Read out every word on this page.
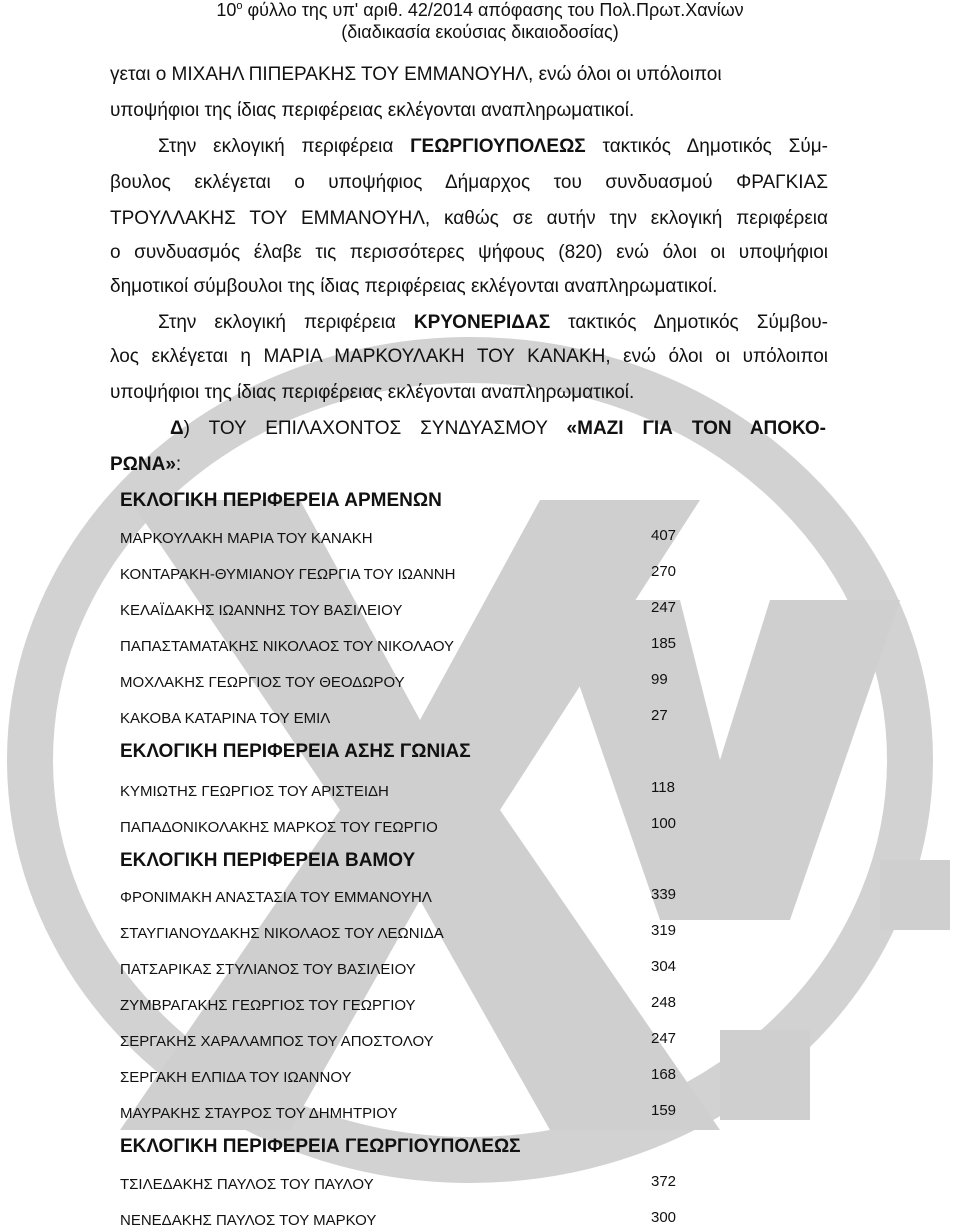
$10^o$ φύλλο της υπ' αριθ. 42/2014 απόφασης του Πολ.Πρωτ.Χανίων
(διαδικασία εκούσιας δικαιοδοσίας)
γεται ο ΜΙΧΑΗΛ ΠΙΠΕΡΑΚΗΣ ΤΟΥ ΕΜΜΑΝΟΥΗΛ, ενώ όλοι οι υπόλοιποι
υποψήφιοι της ίδιας περιφέρειας εκλέγονται αναπληρωματικοί.
Στην εκλογική περιφέρεια ΓΕΩΡΓΙΟΥΠΟΛΕΩΣ τακτικός Δημοτικός Σύμ-
βουλος εκλέγεται ο υποψήφιος Δήμαρχος του συνδυασμού ΦΡΑΓΚΙΑΣ
ΤΡΟΥΛΛΑΚΗΣ ΤΟΥ ΕΜΜΑΝΟΥΗΛ, καθώς σε αυτήν την εκλογική περιφέρεια
ο συνδυασμός έλαβε τις περισσότερες ψήφους (820) ενώ όλοι οι υποψήφιοι
δημοτικοί σύμβουλοι της ίδιας περιφέρειας εκλέγονται αναπληρωματικοί.
Στην εκλογική περιφέρεια ΚΡΥΟΝΕΡΙΔΑΣ τακτικός Δημοτικός Σύμβου-
λος εκλέγεται η ΜΑΡΙΑ ΜΑΡΚΟΥΛΑΚΗ ΤΟΥ ΚΑΝΑΚΗ, ενώ όλοι οι υπόλοιποι
υποψήφιοι της ίδιας περιφέρειας εκλέγονται αναπληρωματικοί.
Δ) ΤΟΥ ΕΠΙΛΑΧΟΝΤΟΣ ΣΥΝΔΥΑΣΜΟΥ «ΜΑΖΙ ΓΙΑ ΤΟΝ ΑΠΟΚΟ-
ΡΩΝΑ»:
ΕΚΛΟΓΙΚΗ ΠΕΡΙΦΕΡΕΙΑ ΑΡΜΕΝΩΝ
ΜΑΡΚΟΥΛΑΚΗ ΜΑΡΙΑ ΤΟΥ ΚΑΝΑΚΗ	407
ΚΟΝΤΑΡΑΚΗ-ΘΥΜΙΑΝΟΥ ΓΕΩΡΓΙΑ ΤΟΥ ΙΩΑΝΝΗ	270
ΚΕΛΑΪΔΑΚΗΣ ΙΩΑΝΝΗΣ ΤΟΥ ΒΑΣΙΛΕΙΟΥ	247
ΠΑΠΑΣΤΑΜΑΤΑΚΗΣ ΝΙΚΟΛΑΟΣ ΤΟΥ ΝΙΚΟΛΑΟΥ	185
ΜΟΧΛΑΚΗΣ ΓΕΩΡΓΙΟΣ ΤΟΥ ΘΕΟΔΩΡΟΥ	99
ΚΑΚΟΒΑ ΚΑΤΑΡΙΝΑ ΤΟΥ ΕΜΙΛ	27
ΕΚΛΟΓΙΚΗ ΠΕΡΙΦΕΡΕΙΑ ΑΣΗΣ ΓΩΝΙΑΣ
ΚΥΜΙΩΤΗΣ ΓΕΩΡΓΙΟΣ ΤΟΥ ΑΡΙΣΤΕΙΔΗ	118
ΠΑΠΑΔΟΝΙΚΟΛΑΚΗΣ ΜΑΡΚΟΣ ΤΟΥ ΓΕΩΡΓΙΟ	100
ΕΚΛΟΓΙΚΗ ΠΕΡΙΦΕΡΕΙΑ ΒΑΜΟΥ
ΦΡΟΝΙΜΑΚΗ ΑΝΑΣΤΑΣΙΑ ΤΟΥ ΕΜΜΑΝΟΥΗΛ	339
ΣΤΑΥΓΙΑΝΟΥΔΑΚΗΣ ΝΙΚΟΛΑΟΣ ΤΟΥ ΛΕΩΝΙΔΑ	319
ΠΑΤΣΑΡΙΚΑΣ ΣΤΥΛΙΑΝΟΣ ΤΟΥ ΒΑΣΙΛΕΙΟΥ	304
ΖΥΜΒΡΑΓΑΚΗΣ ΓΕΩΡΓΙΟΣ ΤΟΥ ΓΕΩΡΓΙΟΥ	248
ΣΕΡΓΑΚΗΣ ΧΑΡΑΛΑΜΠΟΣ ΤΟΥ ΑΠΟΣΤΟΛΟΥ	247
ΣΕΡΓΑΚΗ ΕΛΠΙΔΑ ΤΟΥ ΙΩΑΝΝΟΥ	168
ΜΑΥΡΑΚΗΣ ΣΤΑΥΡΟΣ ΤΟΥ ΔΗΜΗΤΡΙΟΥ	159
ΕΚΛΟΓΙΚΗ ΠΕΡΙΦΕΡΕΙΑ ΓΕΩΡΓΙΟΥΠΟΛΕΩΣ
ΤΣΙΛΕΔΑΚΗΣ ΠΑΥΛΟΣ ΤΟΥ ΠΑΥΛΟΥ	372
ΝΕΝΕΔΑΚΗΣ ΠΑΥΛΟΣ ΤΟΥ ΜΑΡΚΟΥ	300
